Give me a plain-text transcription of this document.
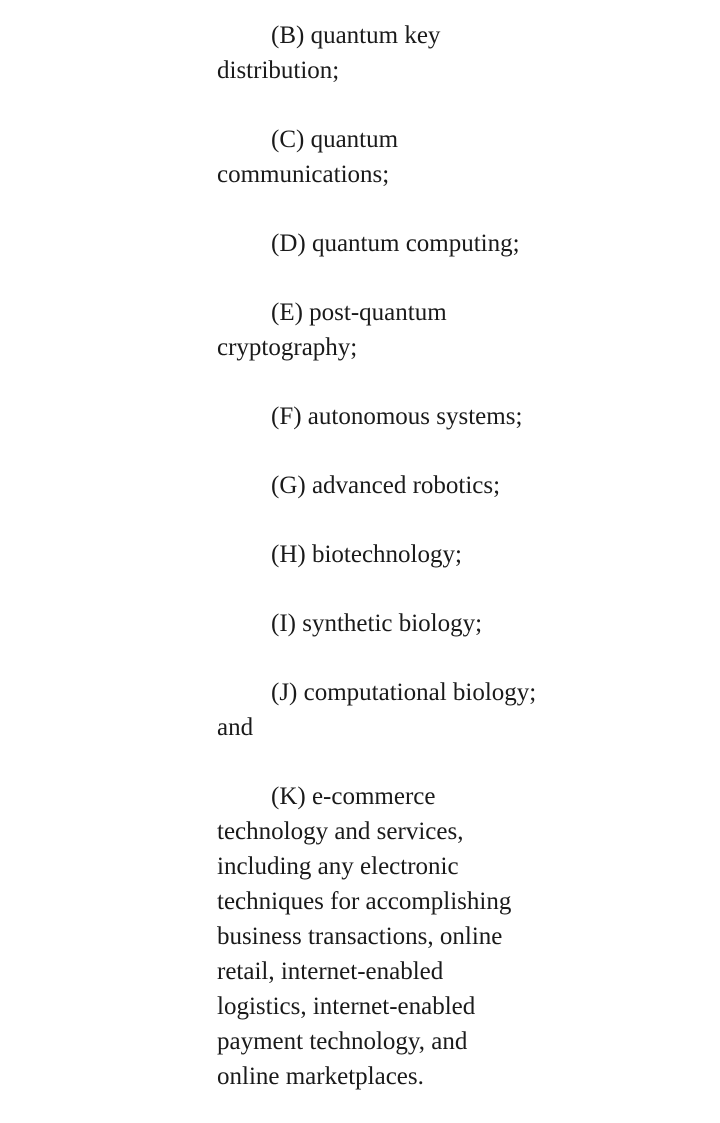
(B) quantum key
distribution;

(C) quantum
communications;

(D) quantum computing;

(E) post-quantum
cryptography;

(F) autonomous systems;

(G) advanced robotics;

(H) biotechnology;

(I) synthetic biology;

(J) computational biology;
and

(K) e-commerce
technology and services,
including any electronic
techniques for accomplishing
business transactions, online
retail, internet-enabled
logistics, internet-enabled
payment technology, and
online marketplaces.
